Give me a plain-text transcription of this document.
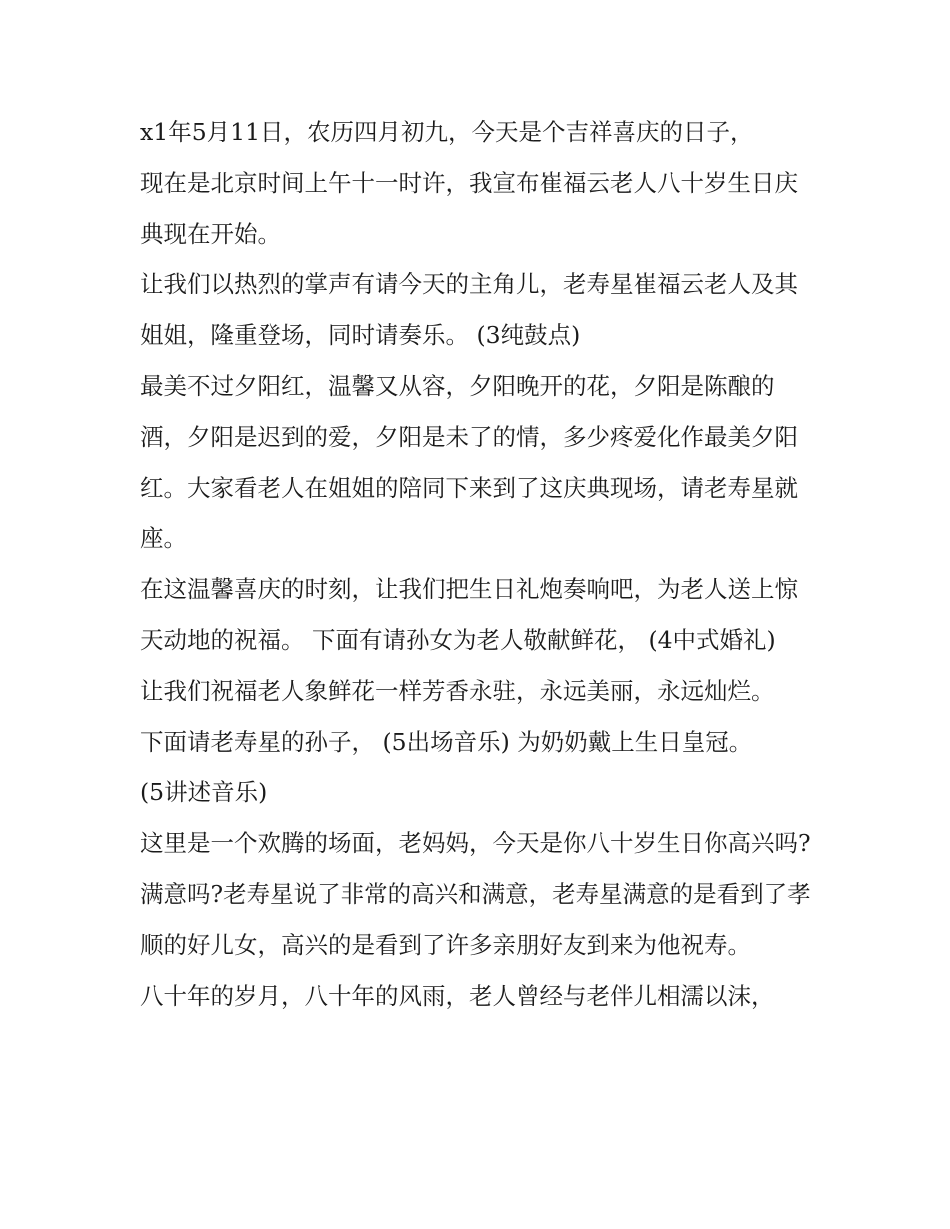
x1年5月11日，农历四月初九，今天是个吉祥喜庆的日子，

现在是北京时间上午十一时许，我宣布崔福云老人八十岁生日庆典现在开始。

让我们以热烈的掌声有请今天的主角儿，老寿星崔福云老人及其姐姐，隆重登场，同时请奏乐。 (3纯鼓点)

最美不过夕阳红，温馨又从容，夕阳晚开的花，夕阳是陈酿的酒，夕阳是迟到的爱，夕阳是未了的情，多少疼爱化作最美夕阳红。大家看老人在姐姐的陪同下来到了这庆典现场，请老寿星就座。

在这温馨喜庆的时刻，让我们把生日礼炮奏响吧，为老人送上惊天动地的祝福。 下面有请孙女为老人敬献鲜花， (4中式婚礼)

让我们祝福老人象鲜花一样芳香永驻，永远美丽，永远灿烂。

下面请老寿星的孙子， (5出场音乐) 为奶奶戴上生日皇冠。

(5讲述音乐)

这里是一个欢腾的场面，老妈妈，今天是你八十岁生日你高兴吗?满意吗?老寿星说了非常的高兴和满意，老寿星满意的是看到了孝顺的好儿女，高兴的是看到了许多亲朋好友到来为他祝寿。

八十年的岁月，八十年的风雨，老人曾经与老伴儿相濡以沫，
